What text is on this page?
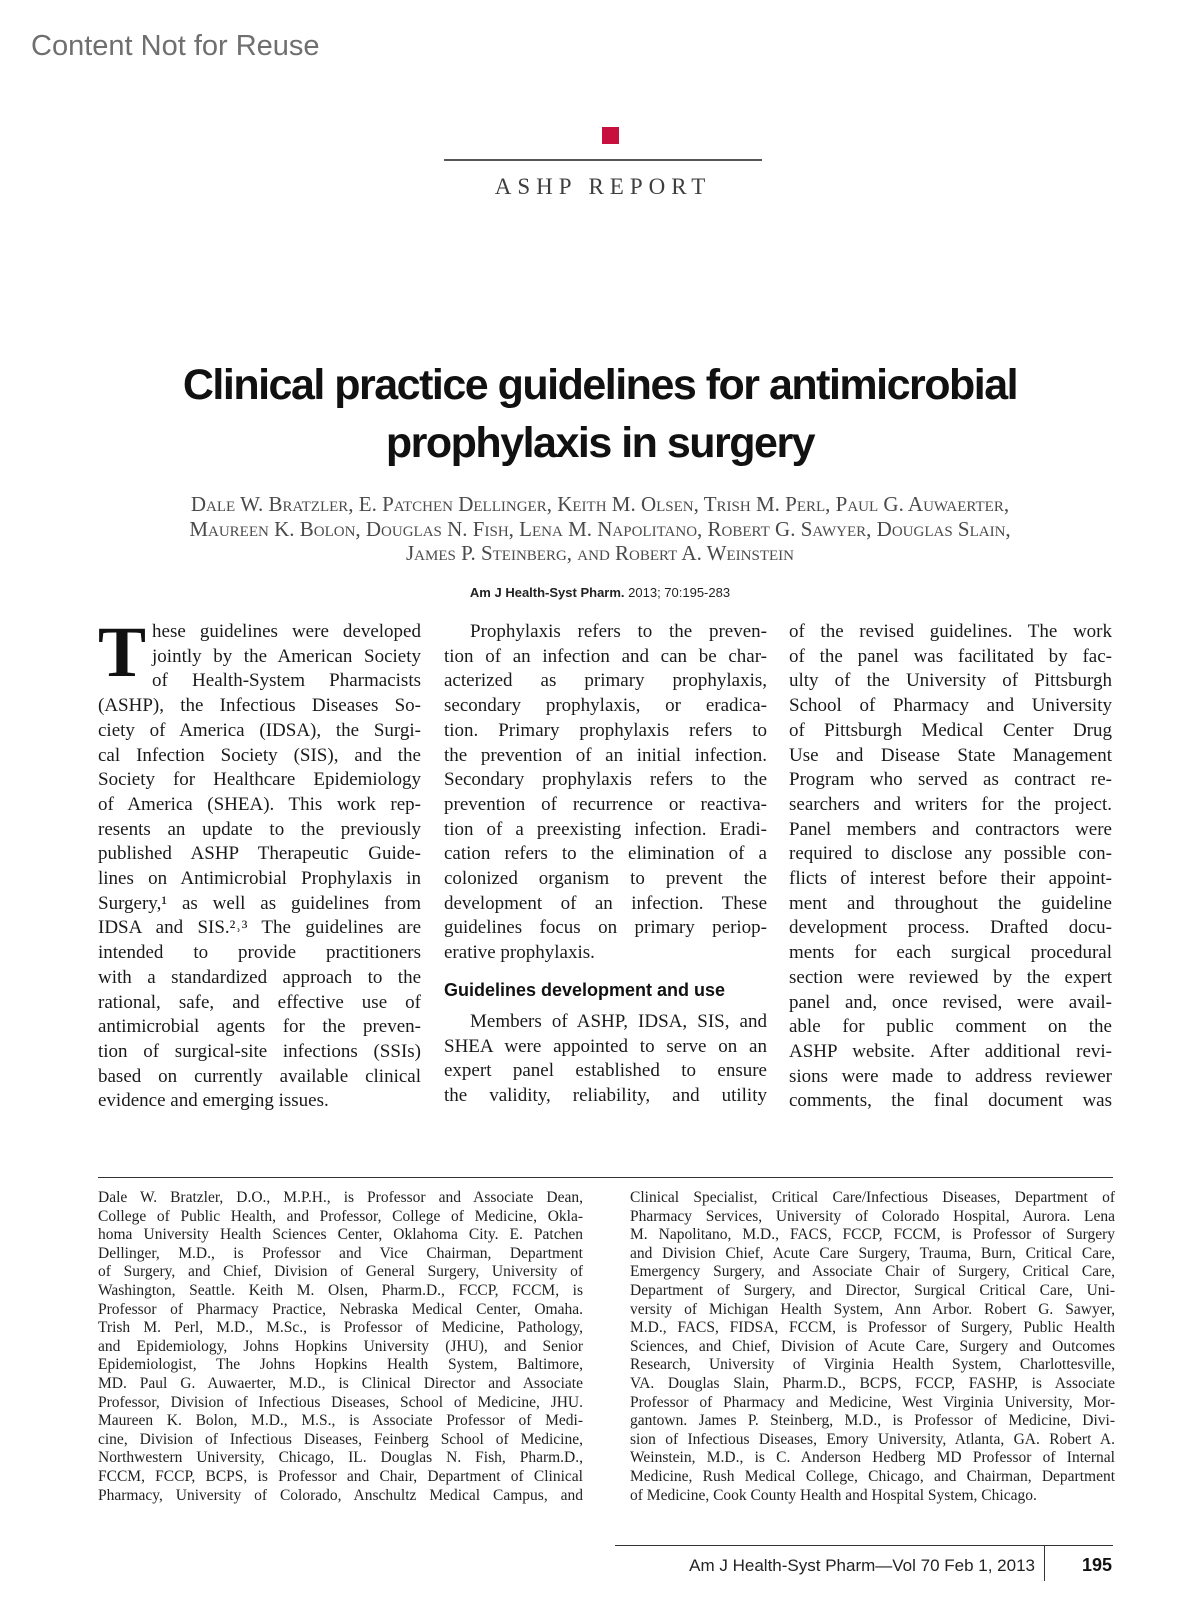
Content Not for Reuse
ASHP REPORT
Clinical practice guidelines for antimicrobial
prophylaxis in surgery
Dale W. Bratzler, E. Patchen Dellinger, Keith M. Olsen, Trish M. Perl, Paul G. Auwaerter,
Maureen K. Bolon, Douglas N. Fish, Lena M. Napolitano, Robert G. Sawyer, Douglas Slain,
James P. Steinberg, and Robert A. Weinstein
Am J Health-Syst Pharm. 2013; 70:195-283
T hese guidelines were developed
jointly by the American Society
of Health-System Pharmacists
(ASHP), the Infectious Diseases So-
ciety of America (IDSA), the Surgi-
cal Infection Society (SIS), and the
Society for Healthcare Epidemiology
of America (SHEA). This work rep-
resents an update to the previously
published ASHP Therapeutic Guide-
lines on Antimicrobial Prophylaxis in
Surgery,¹ as well as guidelines from
IDSA and SIS.²˒³ The guidelines are
intended to provide practitioners
with a standardized approach to the
rational, safe, and effective use of
antimicrobial agents for the preven-
tion of surgical-site infections (SSIs)
based on currently available clinical
evidence and emerging issues.
Prophylaxis refers to the preven-
tion of an infection and can be char-
acterized as primary prophylaxis,
secondary prophylaxis, or eradica-
tion. Primary prophylaxis refers to
the prevention of an initial infection.
Secondary prophylaxis refers to the
prevention of recurrence or reactiva-
tion of a preexisting infection. Eradi-
cation refers to the elimination of a
colonized organism to prevent the
development of an infection. These
guidelines focus on primary periop-
erative prophylaxis.
Guidelines development and use
Members of ASHP, IDSA, SIS, and
SHEA were appointed to serve on an
expert panel established to ensure
the validity, reliability, and utility
of the revised guidelines. The work
of the panel was facilitated by fac-
ulty of the University of Pittsburgh
School of Pharmacy and University
of Pittsburgh Medical Center Drug
Use and Disease State Management
Program who served as contract re-
searchers and writers for the project.
Panel members and contractors were
required to disclose any possible con-
flicts of interest before their appoint-
ment and throughout the guideline
development process. Drafted docu-
ments for each surgical procedural
section were reviewed by the expert
panel and, once revised, were avail-
able for public comment on the
ASHP website. After additional revi-
sions were made to address reviewer
comments, the final document was
Dale W. Bratzler, D.O., M.P.H., is Professor and Associate Dean,
College of Public Health, and Professor, College of Medicine, Okla-
homa University Health Sciences Center, Oklahoma City. E. Patchen
Dellinger, M.D., is Professor and Vice Chairman, Department
of Surgery, and Chief, Division of General Surgery, University of
Washington, Seattle. Keith M. Olsen, Pharm.D., FCCP, FCCM, is
Professor of Pharmacy Practice, Nebraska Medical Center, Omaha.
Trish M. Perl, M.D., M.Sc., is Professor of Medicine, Pathology,
and Epidemiology, Johns Hopkins University (JHU), and Senior
Epidemiologist, The Johns Hopkins Health System, Baltimore,
MD. Paul G. Auwaerter, M.D., is Clinical Director and Associate
Professor, Division of Infectious Diseases, School of Medicine, JHU.
Maureen K. Bolon, M.D., M.S., is Associate Professor of Medi-
cine, Division of Infectious Diseases, Feinberg School of Medicine,
Northwestern University, Chicago, IL. Douglas N. Fish, Pharm.D.,
FCCM, FCCP, BCPS, is Professor and Chair, Department of Clinical
Pharmacy, University of Colorado, Anschultz Medical Campus, and
Clinical Specialist, Critical Care/Infectious Diseases, Department of
Pharmacy Services, University of Colorado Hospital, Aurora. Lena
M. Napolitano, M.D., FACS, FCCP, FCCM, is Professor of Surgery
and Division Chief, Acute Care Surgery, Trauma, Burn, Critical Care,
Emergency Surgery, and Associate Chair of Surgery, Critical Care,
Department of Surgery, and Director, Surgical Critical Care, Uni-
versity of Michigan Health System, Ann Arbor. Robert G. Sawyer,
M.D., FACS, FIDSA, FCCM, is Professor of Surgery, Public Health
Sciences, and Chief, Division of Acute Care, Surgery and Outcomes
Research, University of Virginia Health System, Charlottesville,
VA. Douglas Slain, Pharm.D., BCPS, FCCP, FASHP, is Associate
Professor of Pharmacy and Medicine, West Virginia University, Mor-
gantown. James P. Steinberg, M.D., is Professor of Medicine, Divi-
sion of Infectious Diseases, Emory University, Atlanta, GA. Robert A.
Weinstein, M.D., is C. Anderson Hedberg MD Professor of Internal
Medicine, Rush Medical College, Chicago, and Chairman, Department
of Medicine, Cook County Health and Hospital System, Chicago.
Am J Health-Syst Pharm—Vol 70 Feb 1, 2013	195
